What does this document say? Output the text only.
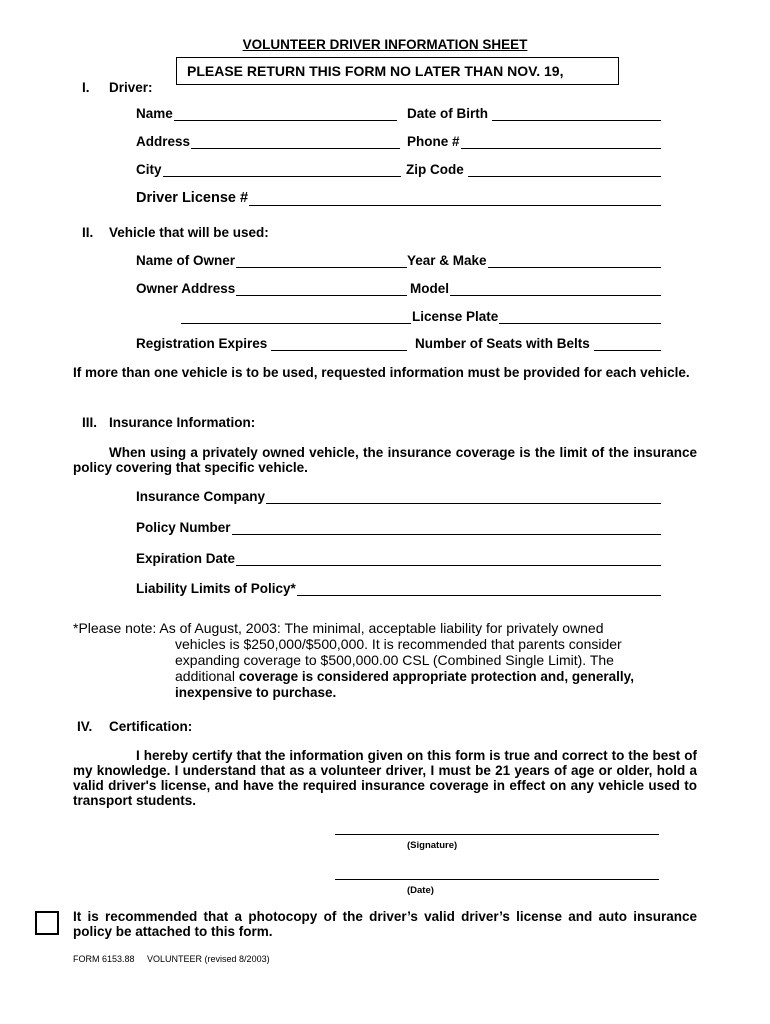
VOLUNTEER DRIVER INFORMATION SHEET
PLEASE RETURN THIS FORM NO LATER THAN NOV. 19,
I. Driver:
Name	Date of Birth
Address	Phone #
City	Zip Code
Driver License #
II. Vehicle that will be used:
Name of Owner	Year & Make
Owner Address	Model
License Plate
Registration Expires	Number of Seats with Belts
If more than one vehicle is to be used, requested information must be provided for each vehicle.
III. Insurance Information:
When using a privately owned vehicle, the insurance coverage is the limit of the insurance policy covering that specific vehicle.
Insurance Company
Policy Number
Expiration Date
Liability Limits of Policy*
*Please note: As of August, 2003: The minimal, acceptable liability for privately owned
vehicles is $250,000/$500,000. It is recommended that parents consider
expanding coverage to $500,000.00 CSL (Combined Single Limit). The
additional coverage is considered appropriate protection and, generally,
inexpensive to purchase.
IV. Certification:
I hereby certify that the information given on this form is true and correct to the best of my knowledge. I understand that as a volunteer driver, I must be 21 years of age or older, hold a valid driver's license, and have the required insurance coverage in effect on any vehicle used to transport students.
(Signature)
(Date)
It is recommended that a photocopy of the driver’s valid driver’s license and auto insurance policy be attached to this form.
FORM 6153.88     VOLUNTEER (revised 8/2003)
